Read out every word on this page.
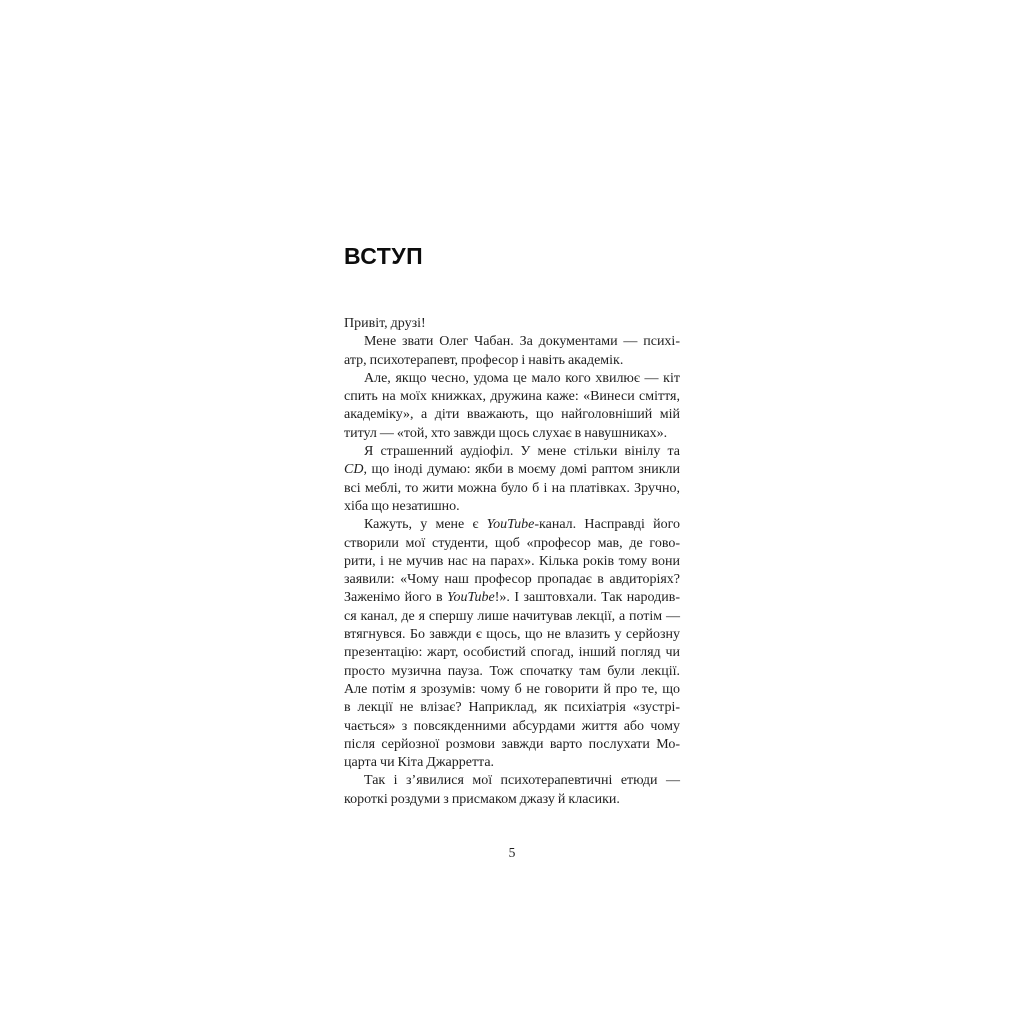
ВСТУП
Привіт, друзі!
Мене звати Олег Чабан. За документами — психі-
атр, психотерапевт, професор і навіть академік.
Але, якщо чесно, удома це мало кого хвилює — кіт
спить на моїх книжках, дружина каже: «Винеси сміття,
академіку», а діти вважають, що найголовніший мій
титул — «той, хто завжди щось слухає в навушниках».
Я страшенний аудіофіл. У мене стільки вінілу та
CD, що іноді думаю: якби в моєму домі раптом зникли
всі меблі, то жити можна було б і на платівках. Зручно,
хіба що незатишно.
Кажуть, у мене є YouTube-канал. Насправді його
створили мої студенти, щоб «професор мав, де гово-
рити, і не мучив нас на парах». Кілька років тому вони
заявили: «Чому наш професор пропадає в авдиторіях?
Заженімо його в YouTube!». І заштовхали. Так народив-
ся канал, де я спершу лише начитував лекції, а потім —
втягнувся. Бо завжди є щось, що не влазить у серйозну
презентацію: жарт, особистий спогад, інший погляд чи
просто музична пауза. Тож спочатку там були лекції.
Але потім я зрозумів: чому б не говорити й про те, що
в лекції не влізає? Наприклад, як психіатрія «зустрі-
чається» з повсякденними абсурдами життя або чому
після серйозної розмови завжди варто послухати Мо-
царта чи Кіта Джарретта.
Так і з’явилися мої психотерапевтичні етюди —
короткі роздуми з присмаком джазу й класики.
5
